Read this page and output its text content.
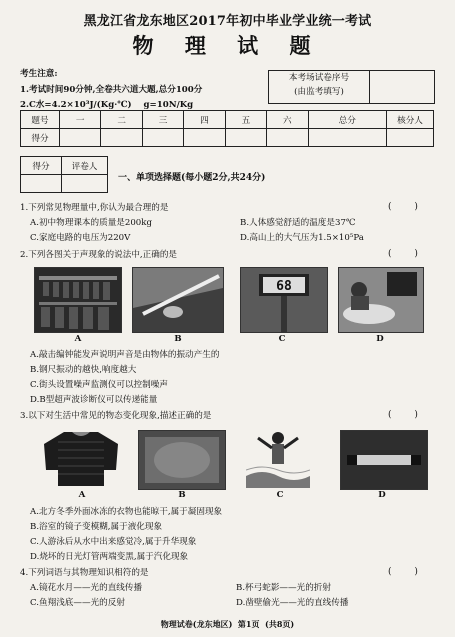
黑龙江省龙东地区2017年初中毕业学业统一考试
物 理 试 题
考生注意:
1.考试时间90分钟,全卷共六道大题,总分100分
2.C水=4.2×10³J/(Kg·℃)    g=10N/Kg
本考场试卷序号
(由监考填写)
题号	一	二	三	四	五	六	总分	核分人
得分								
得分	评卷人

一、单项选择题(每小题2分,共24分)
1.下列常见物理量中,你认为最合理的是	(        )
A.初中物理课本的质量是200kg	B.人体感觉舒适的温度是37℃
C.家庭电路的电压为220V	D.高山上的大气压为1.5×10⁵Pa
2.下列各图关于声现象的说法中,正确的是	(        )
68
A	B	C	D
A.敲击编钟能发声说明声音是由物体的振动产生的
B.钢尺振动的越快,响度越大
C.街头设置噪声监测仪可以控制噪声
D.B型超声波诊断仪可以传递能量
3.以下对生活中常见的物态变化现象,描述正确的是	(        )
A	B	C	D
A.北方冬季外面冰冻的衣物也能晾干,属于凝固现象
B.浴室的镜子变模糊,属于液化现象
C.人游泳后从水中出来感觉冷,属于升华现象
D.烧坏的日光灯管两端变黑,属于汽化现象
4.下列词语与其物理知识相符的是	(        )
A.镜花水月——光的直线传播	B.杯弓蛇影——光的折射
C.鱼翔浅底——光的反射	D.凿壁偷光——光的直线传播
物理试卷(龙东地区)  第1页  (共8页)
